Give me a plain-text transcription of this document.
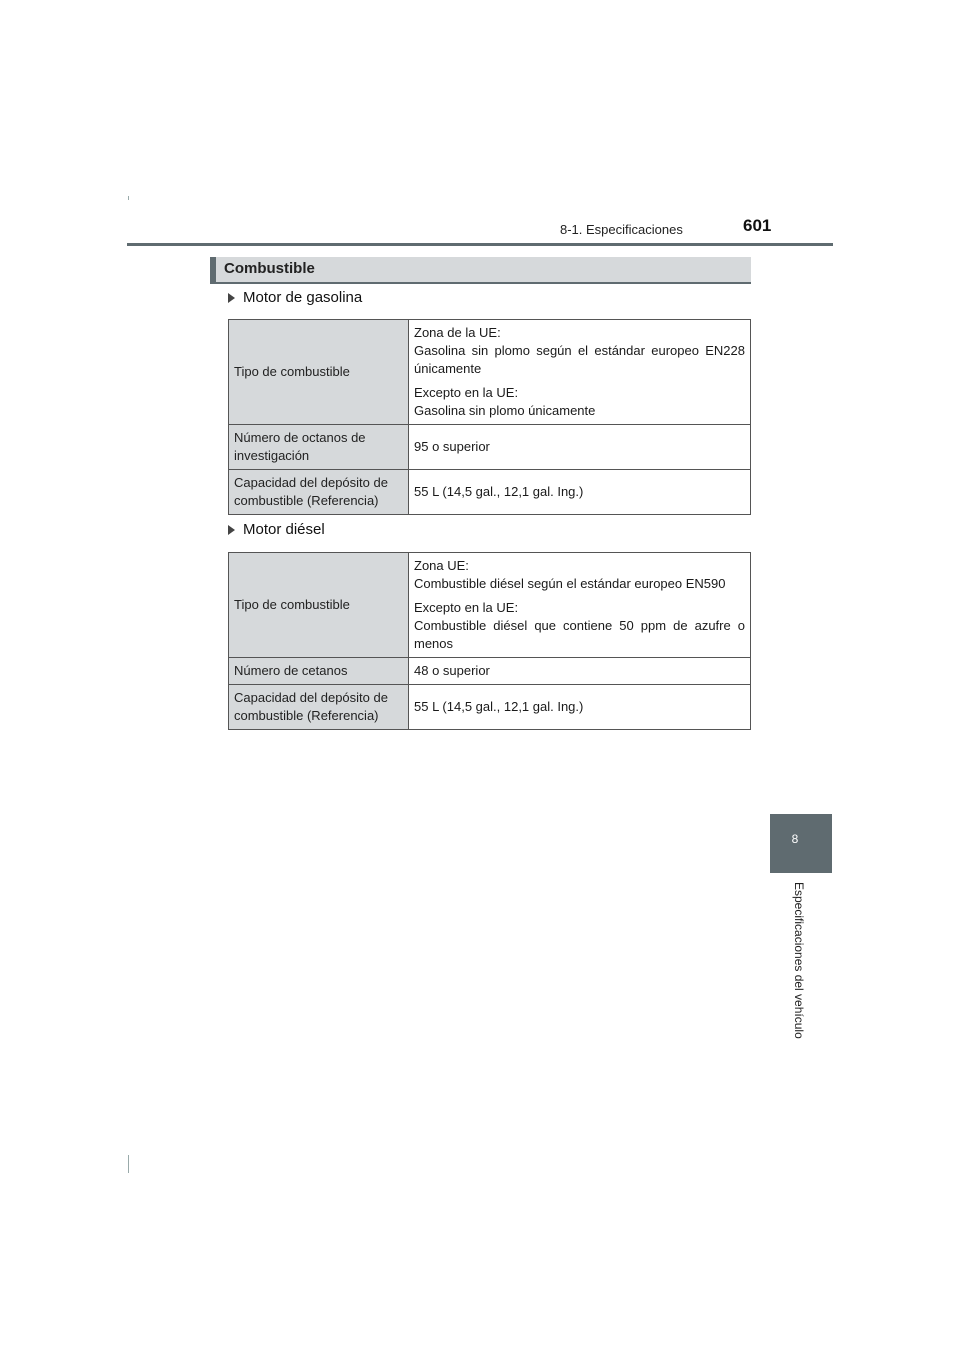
8-1. Especificaciones	601
Combustible
Motor de gasolina
Tipo de combustible	Zona de la UE:
Gasolina sin plomo según el estándar europeo EN228 únicamente
Excepto en la UE:
Gasolina sin plomo únicamente

Número de octanos de investigación	95 o superior

Capacidad del depósito de combustible (Referencia)	55 L (14,5 gal., 12,1 gal. Ing.)
Motor diésel
Tipo de combustible	Zona UE:
Combustible diésel según el estándar europeo EN590
Excepto en la UE:
Combustible diésel que contiene 50 ppm de azufre o menos

Número de cetanos	48 o superior

Capacidad del depósito de combustible (Referencia)	55 L (14,5 gal., 12,1 gal. Ing.)
8
Especificaciones del vehículo
